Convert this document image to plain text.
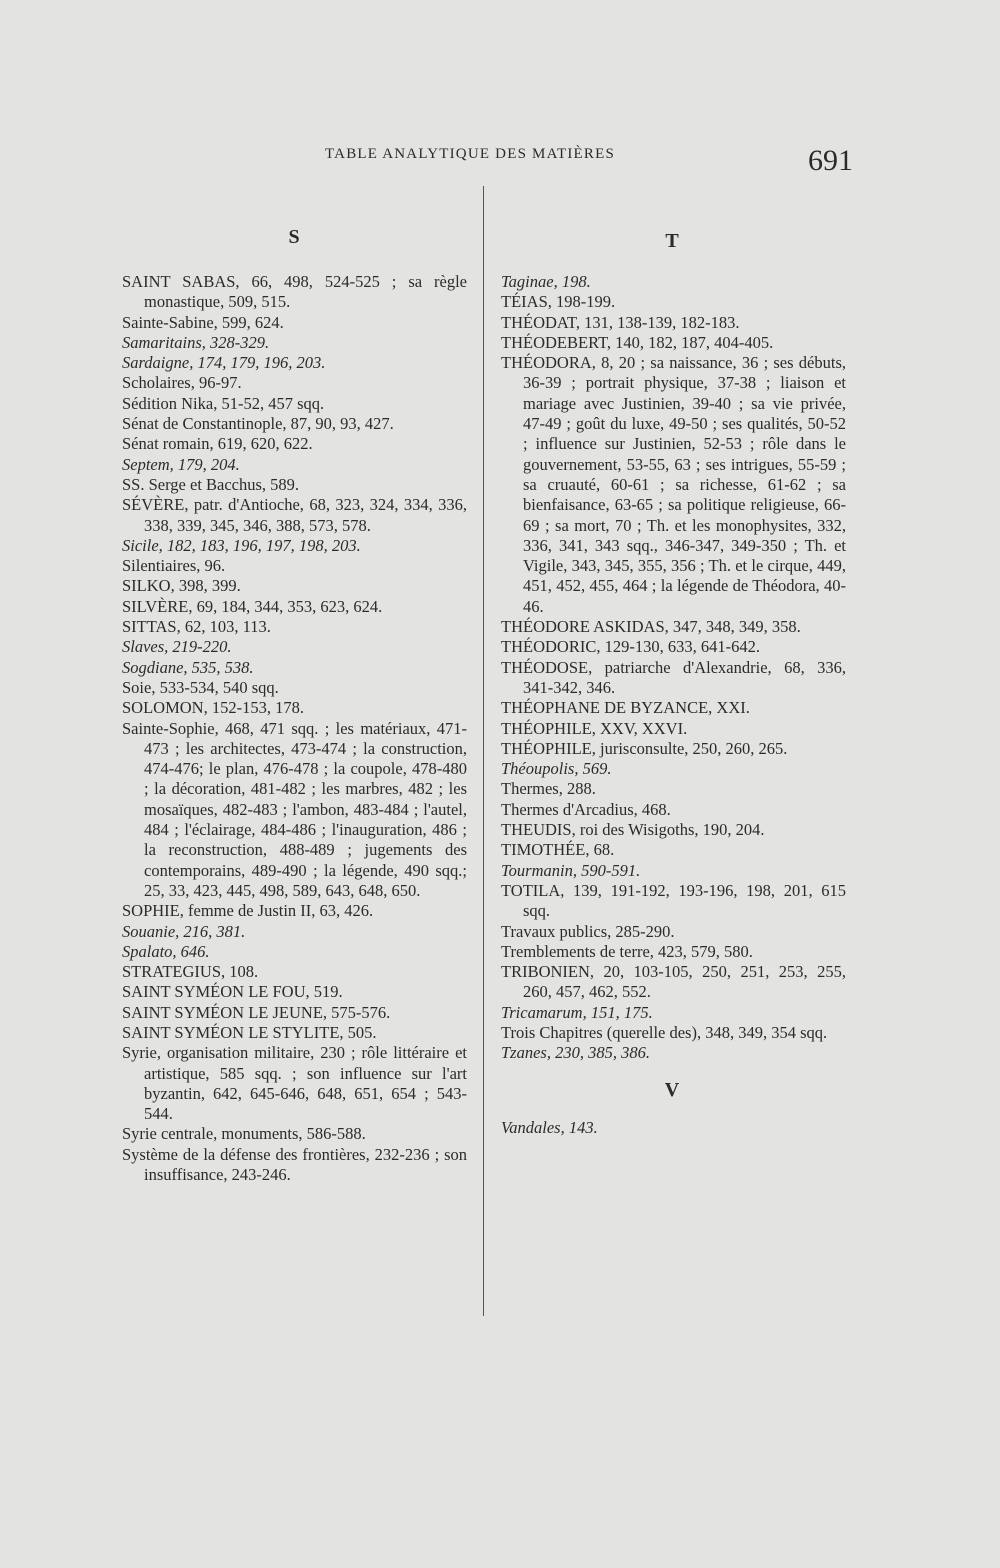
TABLE ANALYTIQUE DES MATIÈRES	691
S	T

SAINT SABAS, 66, 498, 524-525 ; sa règle monastique, 509, 515.

Sainte-Sabine, 599, 624.

Samaritains, 328-329.

Sardaigne, 174, 179, 196, 203.

Scholaires, 96-97.

Sédition Nika, 51-52, 457 sqq.

Sénat de Constantinople, 87, 90, 93, 427.

Sénat romain, 619, 620, 622.

Septem, 179, 204.

SS. Serge et Bacchus, 589.

SÉVÈRE, patr. d'Antioche, 68, 323, 324, 334, 336, 338, 339, 345, 346, 388, 573, 578.

Sicile, 182, 183, 196, 197, 198, 203.

Silentiaires, 96.

SILKO, 398, 399.

SILVÈRE, 69, 184, 344, 353, 623, 624.

SITTAS, 62, 103, 113.

Slaves, 219-220.

Sogdiane, 535, 538.

Soie, 533-534, 540 sqq.

SOLOMON, 152-153, 178.

Sainte-Sophie, 468, 471 sqq. ; les matériaux, 471-473 ; les architectes, 473-474 ; la construction, 474-476; le plan, 476-478 ; la coupole, 478-480 ; la décoration, 481-482 ; les marbres, 482 ; les mosaïques, 482-483 ; l'ambon, 483-484 ; l'autel, 484 ; l'éclairage, 484-486 ; l'inauguration, 486 ; la reconstruction, 488-489 ; jugements des contemporains, 489-490 ; la légende, 490 sqq.; 25, 33, 423, 445, 498, 589, 643, 648, 650.

SOPHIE, femme de Justin II, 63, 426.

Souanie, 216, 381.

Spalato, 646.

STRATEGIUS, 108.

SAINT SYMÉON LE FOU, 519.

SAINT SYMÉON LE JEUNE, 575-576.

SAINT SYMÉON LE STYLITE, 505.

Syrie, organisation militaire, 230 ; rôle littéraire et artistique, 585 sqq. ; son influence sur l'art byzantin, 642, 645-646, 648, 651, 654 ; 543-544.

Syrie centrale, monuments, 586-588.

Système de la défense des frontières, 232-236 ; son insuffisance, 243-246.

Taginae, 198.

TÉIAS, 198-199.

THÉODAT, 131, 138-139, 182-183.

THÉODEBERT, 140, 182, 187, 404-405.

THÉODORA, 8, 20 ; sa naissance, 36 ; ses débuts, 36-39 ; portrait physique, 37-38 ; liaison et mariage avec Justinien, 39-40 ; sa vie privée, 47-49 ; goût du luxe, 49-50 ; ses qualités, 50-52 ; influence sur Justinien, 52-53 ; rôle dans le gouvernement, 53-55, 63 ; ses intrigues, 55-59 ; sa cruauté, 60-61 ; sa richesse, 61-62 ; sa bienfaisance, 63-65 ; sa politique religieuse, 66-69 ; sa mort, 70 ; Th. et les monophysites, 332, 336, 341, 343 sqq., 346-347, 349-350 ; Th. et Vigile, 343, 345, 355, 356 ; Th. et le cirque, 449, 451, 452, 455, 464 ; la légende de Théodora, 40-46.

THÉODORE ASKIDAS, 347, 348, 349, 358.

THÉODORIC, 129-130, 633, 641-642.

THÉODOSE, patriarche d'Alexandrie, 68, 336, 341-342, 346.

THÉOPHANE DE BYZANCE, XXI.

THÉOPHILE, XXV, XXVI.

THÉOPHILE, jurisconsulte, 250, 260, 265.

Théoupolis, 569.

Thermes, 288.

Thermes d'Arcadius, 468.

THEUDIS, roi des Wisigoths, 190, 204.

TIMOTHÉE, 68.

Tourmanin, 590-591.

TOTILA, 139, 191-192, 193-196, 198, 201, 615 sqq.

Travaux publics, 285-290.

Tremblements de terre, 423, 579, 580.

TRIBONIEN, 20, 103-105, 250, 251, 253, 255, 260, 457, 462, 552.

Tricamarum, 151, 175.

Trois Chapitres (querelle des), 348, 349, 354 sqq.

Tzanes, 230, 385, 386.

V

Vandales, 143.
